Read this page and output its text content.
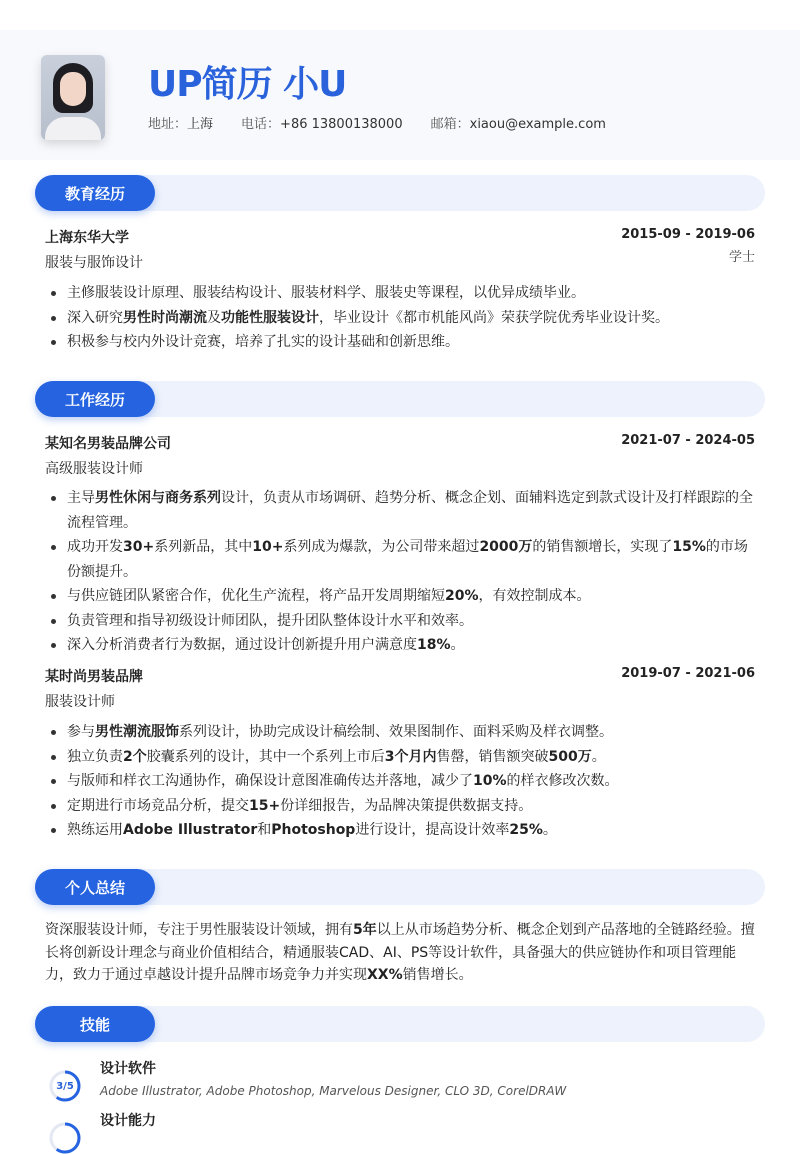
UP简历 小U
地址：上海 电话：+86 13800138000 邮箱：xiaou@example.com
教育经历
上海东华大学	2015-09 - 2019-06
服装与服饰设计	学士
主修服装设计原理、服装结构设计、服装材料学、服装史等课程，以优异成绩毕业。
深入研究男性时尚潮流及功能性服装设计，毕业设计《都市机能风尚》荣获学院优秀毕业设计奖。
积极参与校内外设计竞赛，培养了扎实的设计基础和创新思维。
工作经历
某知名男装品牌公司	2021-07 - 2024-05
高级服装设计师
主导男性休闲与商务系列设计，负责从市场调研、趋势分析、概念企划、面辅料选定到款式设计及打样跟踪的全流程管理。
成功开发30+系列新品，其中10+系列成为爆款，为公司带来超过2000万的销售额增长，实现了15%的市场份额提升。
与供应链团队紧密合作，优化生产流程，将产品开发周期缩短20%，有效控制成本。
负责管理和指导初级设计师团队，提升团队整体设计水平和效率。
深入分析消费者行为数据，通过设计创新提升用户满意度18%。
某时尚男装品牌	2019-07 - 2021-06
服装设计师
参与男性潮流服饰系列设计，协助完成设计稿绘制、效果图制作、面料采购及样衣调整。
独立负责2个胶囊系列的设计，其中一个系列上市后3个月内售罄，销售额突破500万。
与版师和样衣工沟通协作，确保设计意图准确传达并落地，减少了10%的样衣修改次数。
定期进行市场竞品分析，提交15+份详细报告，为品牌决策提供数据支持。
熟练运用Adobe Illustrator和Photoshop进行设计，提高设计效率25%。
个人总结
资深服装设计师，专注于男性服装设计领域，拥有5年以上从市场趋势分析、概念企划到产品落地的全链路经验。擅长将创新设计理念与商业价值相结合，精通服装CAD、AI、PS等设计软件，具备强大的供应链协作和项目管理能力，致力于通过卓越设计提升品牌市场竞争力并实现XX%销售增长。
技能
3/5
设计软件
Adobe Illustrator, Adobe Photoshop, Marvelous Designer, CLO 3D, CorelDRAW
设计能力
